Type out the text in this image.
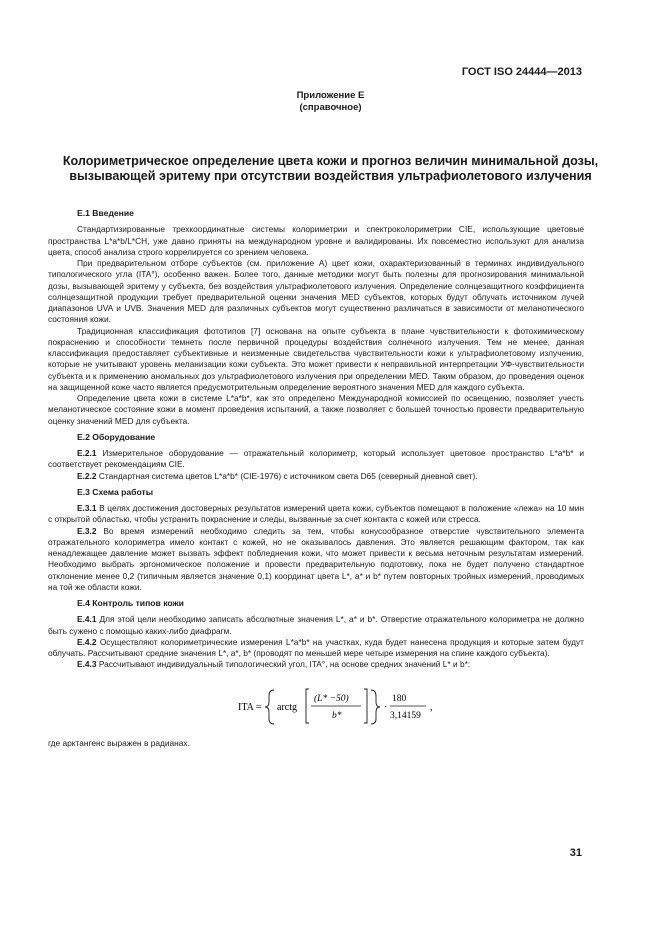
ГОСТ ISO 24444—2013
Приложение Е
(справочное)
Колориметрическое определение цвета кожи и прогноз величин минимальной дозы, вызывающей эритему при отсутствии воздействия ультрафиолетового излучения
Е.1 Введение

Стандартизированные трехкоординатные системы колориметрии и спектроколориметрии CIE, использующие цветовые пространства L*a*b/L*CH, уже давно приняты на международном уровне и валидированы. Их повсеместно используют для анализа цвета, способ анализа строго коррелируется со зрением человека.

При предварительном отборе субъектов (см. приложение А) цвет кожи, охарактеризованный в терминах индивидуального типологического угла (ITA°), особенно важен. Более того, данные методики могут быть полезны для прогнозирования минимальной дозы, вызывающей эритему у субъекта, без воздействия ультрафиолетового излучения. Определение солнцезащитного коэффициента солнцезащитной продукции требует предварительной оценки значения MED субъектов, которых будут облучать источником лучей диапазонов UVA и UVB. Значения MED для различных субъектов могут существенно различаться в зависимости от меланотического состояния кожи.

Традиционная классификация фототипов [7] основана на опыте субъекта в плане чувствительности к фотохимическому покраснению и способности темнеть после первичной процедуры воздействия солнечного излучения. Тем не менее, данная классификация предоставляет субъективные и неизменные свидетельства чувствительности кожи к ультрафиолетовому излучению, которые не учитывают уровень меланизации кожи субъекта. Это может привести к неправильной интерпретации УФ-чувствительности субъекта и к применению аномальных доз ультрафиолетового излучения при определении MED. Таким образом, до проведения оценок на защищенной коже часто является предусмотрительным определение вероятного значения MED для каждого субъекта.

Определение цвета кожи в системе L*a*b*, как это определено Международной комиссией по освещению, позволяет учесть меланотическое состояние кожи в момент проведения испытаний, а также позволяет с большей точностью провести предварительную оценку значений MED для субъекта.

Е.2 Оборудование

Е.2.1 Измерительное оборудование — отражательный колориметр, который использует цветовое пространство L*a*b* и соответствует рекомендациям CIE.

Е.2.2 Стандартная система цветов L*a*b* (CIE-1976) с источником света D65 (северный дневной свет).

Е.3 Схема работы

Е.3.1 В целях достижения достоверных результатов измерений цвета кожи, субъектов помещают в положение «лежа» на 10 мин с открытой областью, чтобы устранить покраснение и следы, вызванные за счет контакта с кожей или стресса.

Е.3.2 Во время измерений необходимо следить за тем, чтобы конусообразное отверстие чувствительного элемента отражательного колориметра имело контакт с кожей, но не оказывалось давления. Это является решающим фактором, так как ненадлежащее давление может вызвать эффект побледнения кожи, что может привести к весьма неточным результатам измерений. Необходимо выбрать эргономическое положение и провести предварительную подготовку, пока не будет получено стандартное отклонение менее 0,2 (типичным является значение 0,1) координат цвета L*, a* и b* путем повторных тройных измерений, проводимых на той же области кожи.

Е.4 Контроль типов кожи

Е.4.1 Для этой цели необходимо записать абсолютные значения L*, a* и b*. Отверстие отражательного колориметра не должно быть сужено с помощью каких-либо диафрагм.

Е.4.2 Осуществляют колориметрические измерения L*a*b* на участках, куда будет нанесена продукция и которые затем будут облучать. Рассчитывают средние значения L*, a*, b* (проводят по меньшей мере четыре измерения на спине каждого субъекта).

Е.4.3 Рассчитывают индивидуальный типологический угол, ITA°, на основе средних значений L* и b*:

ITA = arctg
(L* −50)
b*
·
180
3,14159
,

где арктангенс выражен в радианах.

31
